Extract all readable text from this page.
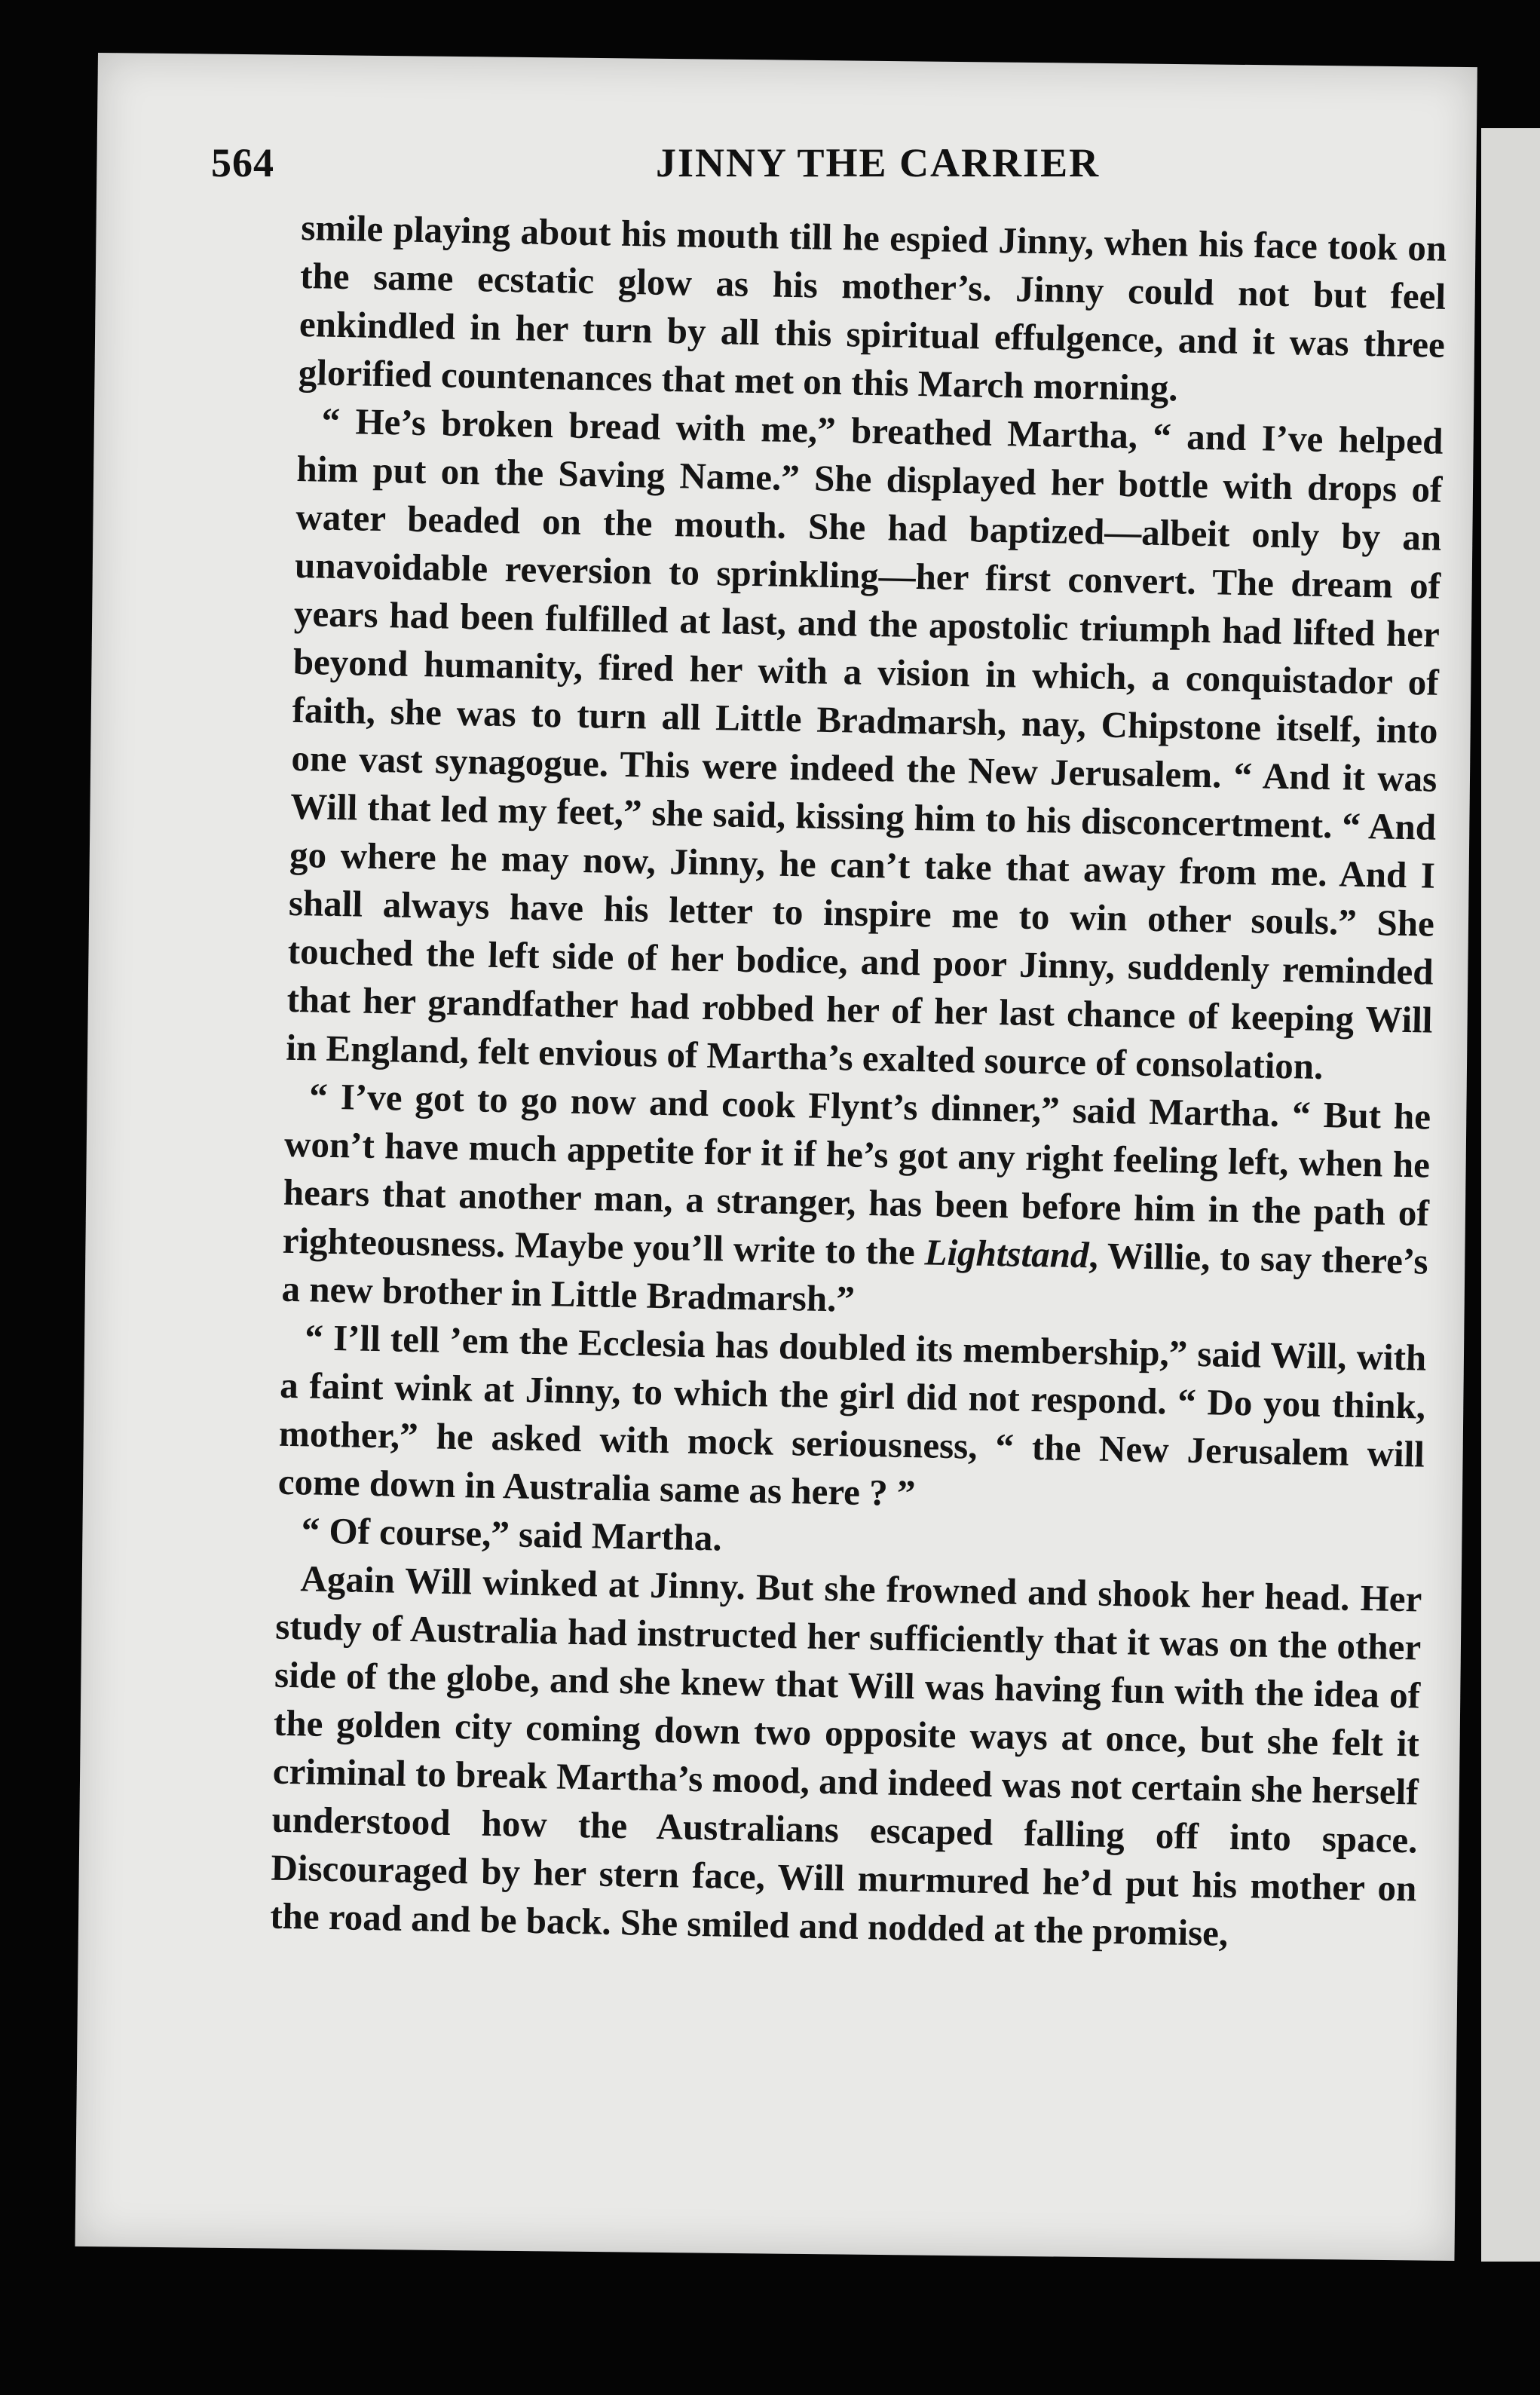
564	JINNY THE CARRIER

smile playing about his mouth till he espied Jinny, when his face took on the same ecstatic glow as his mother’s. Jinny could not but feel enkindled in her turn by all this spiritual effulgence, and it was three glorified countenances that met on this March morning.

“ He’s broken bread with me,” breathed Martha, “ and I’ve helped him put on the Saving Name.” She displayed her bottle with drops of water beaded on the mouth. She had baptized—albeit only by an unavoidable reversion to sprinkling—her first convert. The dream of years had been fulfilled at last, and the apostolic triumph had lifted her beyond humanity, fired her with a vision in which, a conquistador of faith, she was to turn all Little Bradmarsh, nay, Chipstone itself, into one vast synagogue. This were indeed the New Jerusalem. “ And it was Will that led my feet,” she said, kissing him to his disconcertment. “ And go where he may now, Jinny, he can’t take that away from me. And I shall always have his letter to inspire me to win other souls.” She touched the left side of her bodice, and poor Jinny, suddenly reminded that her grandfather had robbed her of her last chance of keeping Will in England, felt envious of Martha’s exalted source of consolation.

“ I’ve got to go now and cook Flynt’s dinner,” said Martha. “ But he won’t have much appetite for it if he’s got any right feeling left, when he hears that another man, a stranger, has been before him in the path of righteousness. Maybe you’ll write to the Lightstand, Willie, to say there’s a new brother in Little Bradmarsh.”

“ I’ll tell ’em the Ecclesia has doubled its membership,” said Will, with a faint wink at Jinny, to which the girl did not respond. “ Do you think, mother,” he asked with mock seriousness, “ the New Jerusalem will come down in Australia same as here ? ”

“ Of course,” said Martha.

Again Will winked at Jinny. But she frowned and shook her head. Her study of Australia had instructed her sufficiently that it was on the other side of the globe, and she knew that Will was having fun with the idea of the golden city coming down two opposite ways at once, but she felt it criminal to break Martha’s mood, and indeed was not certain she herself understood how the Australians escaped falling off into space. Discouraged by her stern face, Will murmured he’d put his mother on the road and be back. She smiled and nodded at the promise,
